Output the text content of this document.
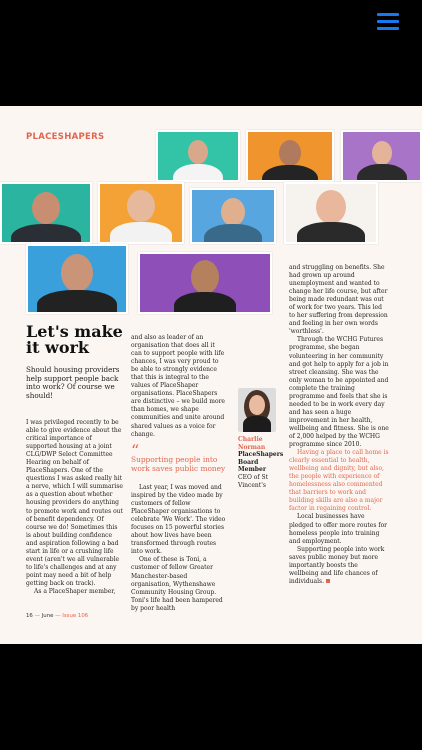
PLACESHAPERS
Let's make it work
Should housing providers help support people back into work? Of course we should!

I was privileged recently to be able to give evidence about the critical importance of supported housing at a joint CLG/DWP Select Committee Hearing on behalf of PlaceShapers. One of the questions I was asked really hit a nerve, which I will summarise as a question about whether housing providers do anything to promote work and routes out of benefit dependency. Of course we do! Sometimes this is about building confidence and aspiration following a bad start in life or a crushing life event (aren't we all vulnerable to life's challenges and at any point may need a bit of help getting back on track).

As a PlaceShaper member,

and also as leader of an organisation that does all it can to support people with life chances, I was very proud to be able to strongly evidence that this is integral to the values of PlaceShaper organisations. PlaceShapers are distinctive – we build more than homes, we shape communities and unite around shared values as a voice for change.

“
Supporting people into work saves public money

Last year, I was moved and inspired by the video made by customers of fellow PlaceShaper organisations to celebrate 'We Work'. The video focuses on 15 powerful stories about how lives have been transformed through routes into work.

One of these is Toni, a customer of fellow Greater Manchester-based organisation, Wythenshawe Community Housing Group. Toni's life had been hampered by poor health

Charlie Norman
PlaceShapers Board Member
CEO of St Vincent's

and struggling on benefits. She had grown up around unemployment and wanted to change her life course, but after being made redundant was out of work for two years. This led to her suffering from depression and feeling in her own words 'worthless'.

Through the WCHG Futures programme, she began volunteering in her community and got help to apply for a job in street cleansing. She was the only woman to be appointed and complete the training programme and feels that she is needed to be in work every day and has seen a huge improvement in her health, wellbeing and fitness. She is one of 2,000 helped by the WCHG programme since 2010.

Having a place to call home is clearly essential to health, wellbeing and dignity, but also, the people with experience of homelessness also commented that barriers to work and building skills are also a major factor in regaining control.

Local businesses have pledged to offer more routes for homeless people into training and employment.

Supporting people into work saves public money but more importantly boosts the wellbeing and life chances of individuals.

16 — June — Issue 106
